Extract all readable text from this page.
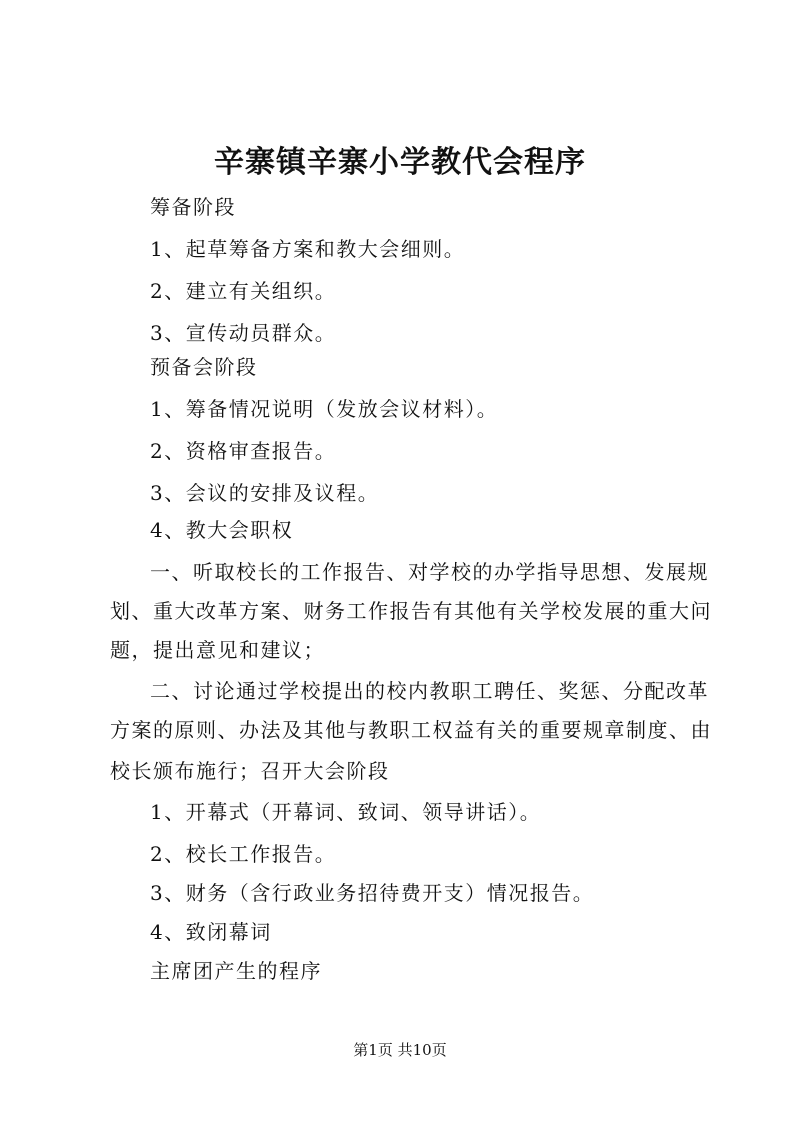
辛寨镇辛寨小学教代会程序

筹备阶段

1、起草筹备方案和教大会细则。

2、建立有关组织。

3、宣传动员群众。

预备会阶段

1、筹备情况说明（发放会议材料）。

2、资格审查报告。

3、会议的安排及议程。

4、教大会职权

一、听取校长的工作报告、对学校的办学指导思想、发展规

划、重大改革方案、财务工作报告有其他有关学校发展的重大问

题，提出意见和建议；

二、讨论通过学校提出的校内教职工聘任、奖惩、分配改革

方案的原则、办法及其他与教职工权益有关的重要规章制度、由

校长颁布施行；召开大会阶段

1、开幕式（开幕词、致词、领导讲话）。

2、校长工作报告。

3、财务（含行政业务招待费开支）情况报告。

4、致闭幕词

主席团产生的程序

第1页 共10页
